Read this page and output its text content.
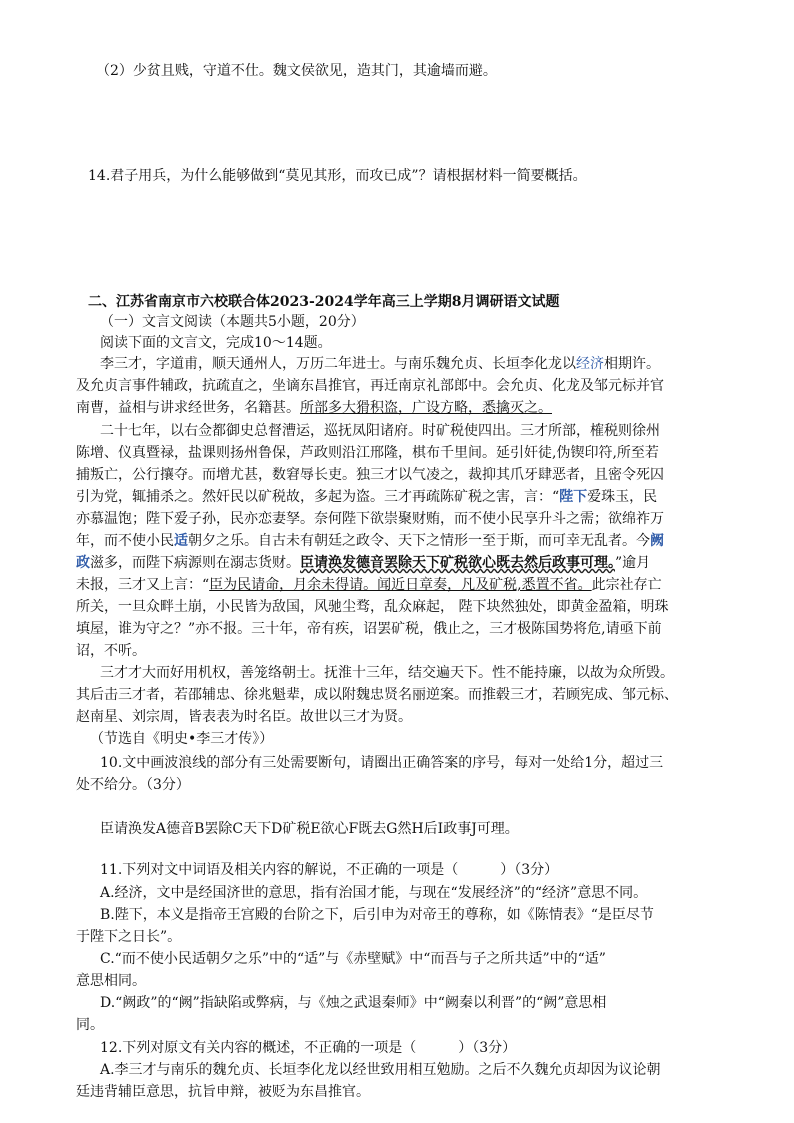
（2）少贫且贱，守道不仕。魏文侯欲见，造其门，其逾墙而避。
14.君子用兵，为什么能够做到“莫见其形，而攻已成”？请根据材料一简要概括。
二、江苏省南京市六校联合体2023-2024学年高三上学期8月调研语文试题
（一）文言文阅读（本题共5小题，20分）
阅读下面的文言文，完成10～14题。
李三才，字道甫，顺天通州人，万历二年进士。与南乐魏允贞、长垣李化龙以经济相期许。
及允贞言事件辅政，抗疏直之，坐谪东昌推官，再迁南京礼部郎中。会允贞、化龙及邹元标并官
南曹，益相与讲求经世务，名籍甚。所部多大猾积盗，广设方略，悉擒灭之。
二十七年，以右佥都御史总督漕运，巡抚凤阳诸府。时矿税使四出。三才所部，榷税则徐州
陈增、仪真暨禄，盐课则扬州鲁保，芦政则沿江邢隆，棋布千里间。延引奸徒,伪锲印符,所至若
捕叛亡，公行攘夺。而增尤甚，数窘辱长吏。独三才以气凌之，裁抑其爪牙肆恶者，且密令死囚
引为党，辄捕杀之。然奸民以矿税故，多起为盗。三才再疏陈矿税之害，言：“陛下爱珠玉，民
亦慕温饱；陛下爱子孙，民亦恋妻孥。奈何陛下欲崇聚财贿，而不使小民享升斗之需；欲绵祚万
年，而不使小民适朝夕之乐。自古未有朝廷之政令、天下之情形一至于斯，而可幸无乱者。今阙
政滋多，而陛下病源则在溺志货财。臣请涣发德音罢除天下矿税欲心既去然后政事可理。”逾月
未报，三才又上言：“臣为民请命，月余未得请。闻近日章奏，凡及矿税,悉置不省。此宗社存亡
所关，一旦众畔土崩，小民皆为敌国，风驰尘骛，乱众麻起， 陛下块然独处，即黄金盈箱，明珠
填屋，谁为守之？”亦不报。三十年，帝有疾，诏罢矿税，俄止之，三才极陈国势将危,请亟下前
诏，不听。
三才才大而好用机权，善笼络朝士。抚淮十三年，结交遍天下。性不能持廉，以故为众所毁。
其后击三才者，若邵辅忠、徐兆魁辈，成以附魏忠贤名丽逆案。而推毂三才，若顾宪成、邹元标、
赵南星、刘宗周，皆表表为时名臣。故世以三才为贤。
（节选自《明史•李三才传》）
10.文中画波浪线的部分有三处需要断句，请圈出正确答案的序号，每对一处给1分，超过三
处不给分。（3分）
臣请涣发A德音B罢除C天下D矿税E欲心F既去G然H后I政事J可理。
11.下列对文中词语及相关内容的解说，不正确的一项是（　　　）（3分）
A.经济，文中是经国济世的意思，指有治国才能，与现在“发展经济”的“经济”意思不同。
B.陛下，本义是指帝王宫殿的台阶之下，后引申为对帝王的尊称，如《陈情表》“是臣尽节
于陛下之日长”。
C.“而不使小民适朝夕之乐”中的“适”与《赤壁赋》中“而吾与子之所共适”中的“适”
意思相同。
D.“阙政”的“阙”指缺陷或弊病，与《烛之武退秦师》中“阙秦以利晋”的“阙”意思相
同。
12.下列对原文有关内容的概述，不正确的一项是（　　　）（3分）
A.李三才与南乐的魏允贞、长垣李化龙以经世致用相互勉励。之后不久魏允贞却因为议论朝
廷违背辅臣意思，抗旨申辩，被贬为东昌推官。
